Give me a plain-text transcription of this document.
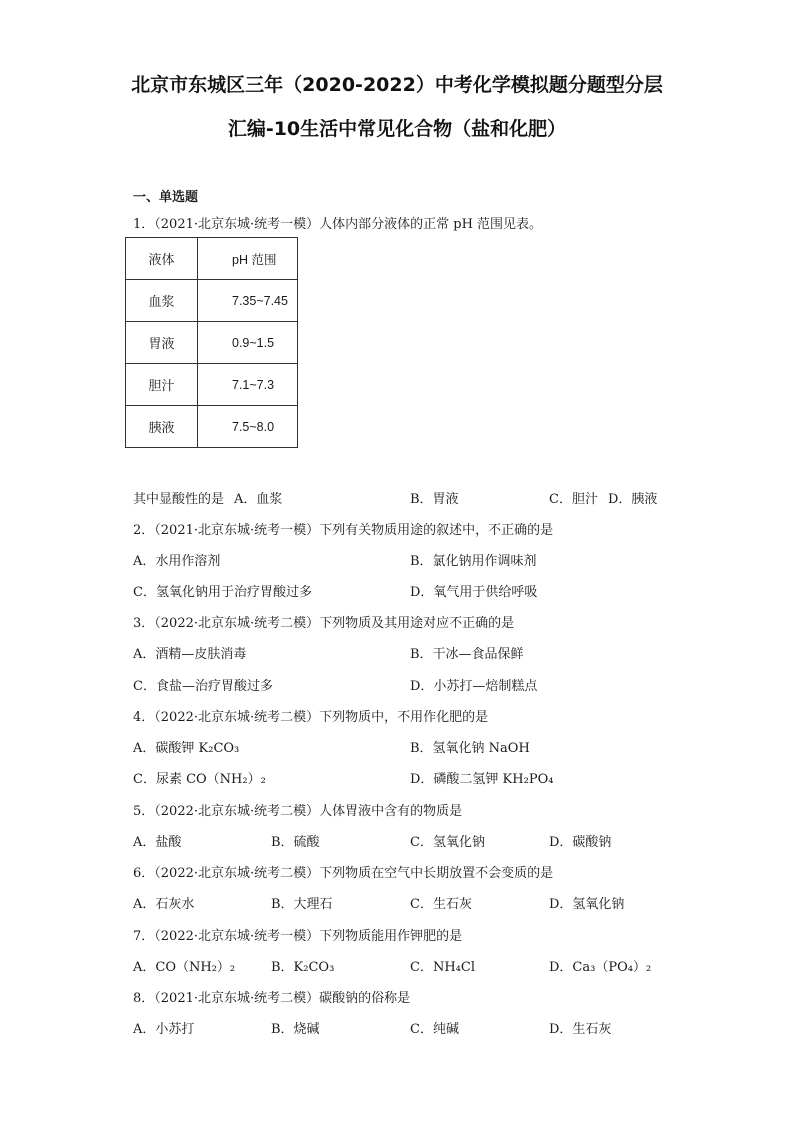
北京市东城区三年（2020-2022）中考化学模拟题分题型分层
汇编-10生活中常见化合物（盐和化肥）
一、单选题
1．（2021·北京东城·统考一模）人体内部分液体的正常 pH 范围见表。
液体	pH 范围
血浆	7.35~7.45
胃液	0.9~1.5
胆汁	7.1~7.3
胰液	7.5~8.0
其中显酸性的是 A．血浆	B．胃液	C．胆汁 D．胰液
2．（2021·北京东城·统考一模）下列有关物质用途的叙述中，不正确的是
A．水用作溶剂	B．氯化钠用作调味剂
C．氢氧化钠用于治疗胃酸过多	D．氧气用于供给呼吸
3．（2022·北京东城·统考二模）下列物质及其用途对应不正确的是
A．酒精—皮肤消毒	B．干冰—食品保鲜
C．食盐—治疗胃酸过多	D．小苏打—焙制糕点
4．（2022·北京东城·统考二模）下列物质中，不用作化肥的是
A．碳酸钾 K₂CO₃	B．氢氧化钠 NaOH
C．尿素 CO（NH₂）₂	D．磷酸二氢钾 KH₂PO₄
5．（2022·北京东城·统考二模）人体胃液中含有的物质是
A．盐酸	B．硫酸	C．氢氧化钠	D．碳酸钠
6．（2022·北京东城·统考二模）下列物质在空气中长期放置不会变质的是
A．石灰水	B．大理石	C．生石灰	D．氢氧化钠
7．（2022·北京东城·统考一模）下列物质能用作钾肥的是
A．CO（NH₂）₂	B．K₂CO₃	C．NH₄Cl	D．Ca₃（PO₄）₂
8．（2021·北京东城·统考二模）碳酸钠的俗称是
A．小苏打	B．烧碱	C．纯碱	D．生石灰
